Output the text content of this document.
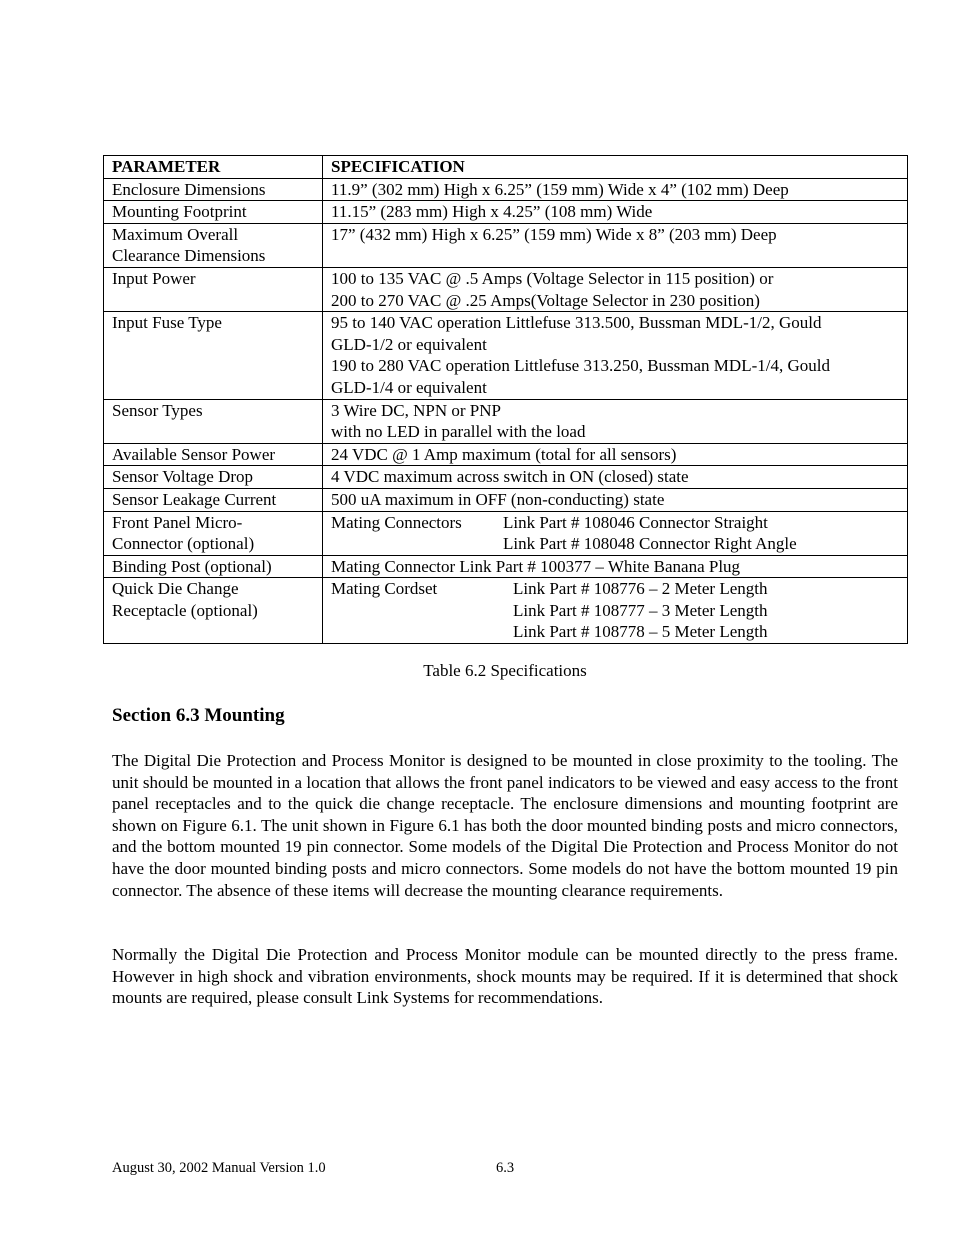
PARAMETER	SPECIFICATION

Enclosure Dimensions	11.9” (302 mm) High x 6.25” (159 mm) Wide x 4” (102 mm) Deep

Mounting Footprint	11.15” (283 mm) High x 4.25” (108 mm) Wide

Maximum Overall
Clearance Dimensions	17” (432 mm) High x 6.25” (159 mm) Wide x 8” (203 mm) Deep

Input Power	100 to 135 VAC @ .5 Amps (Voltage Selector in 115 position) or
200 to 270 VAC @ .25 Amps(Voltage Selector in 230 position)

Input Fuse Type	95 to 140 VAC operation Littlefuse 313.500, Bussman MDL-1/2, Gould
GLD-1/2 or equivalent
190 to 280 VAC operation Littlefuse 313.250, Bussman MDL-1/4, Gould
GLD-1/4 or equivalent

Sensor Types	3 Wire DC, NPN or PNP
with no LED in parallel with the load

Available Sensor Power	24 VDC @ 1 Amp maximum (total for all sensors)

Sensor Voltage Drop	4 VDC maximum across switch in ON (closed) state

Sensor Leakage Current	500 uA maximum in OFF (non-conducting) state

Front Panel Micro-
Connector (optional)	Mating Connectors Link Part # 108046 Connector Straight
Link Part # 108048 Connector Right Angle

Binding Post (optional)	Mating Connector Link Part # 100377 – White Banana Plug

Quick Die Change
Receptacle (optional)	Mating Cordset Link Part # 108776 – 2 Meter Length
Link Part # 108777 – 3 Meter Length
Link Part # 108778 – 5 Meter Length
Table 6.2 Specifications
Section 6.3 Mounting

The Digital Die Protection and Process Monitor is designed to be mounted in close proximity to the tooling. The unit should be mounted in a location that allows the front panel indicators to be viewed and easy access to the front panel receptacles and to the quick die change receptacle. The enclosure dimensions and mounting footprint are shown on Figure 6.1. The unit shown in Figure 6.1 has both the door mounted binding posts and micro connectors, and the bottom mounted 19 pin connector. Some models of the Digital Die Protection and Process Monitor do not have the door mounted binding posts and micro connectors. Some models do not have the bottom mounted 19 pin connector. The absence of these items will decrease the mounting clearance requirements.

Normally the Digital Die Protection and Process Monitor module can be mounted directly to the press frame. However in high shock and vibration environments, shock mounts may be required. If it is determined that shock mounts are required, please consult Link Systems for recommendations.

August 30, 2002 Manual Version 1.0	6.3
